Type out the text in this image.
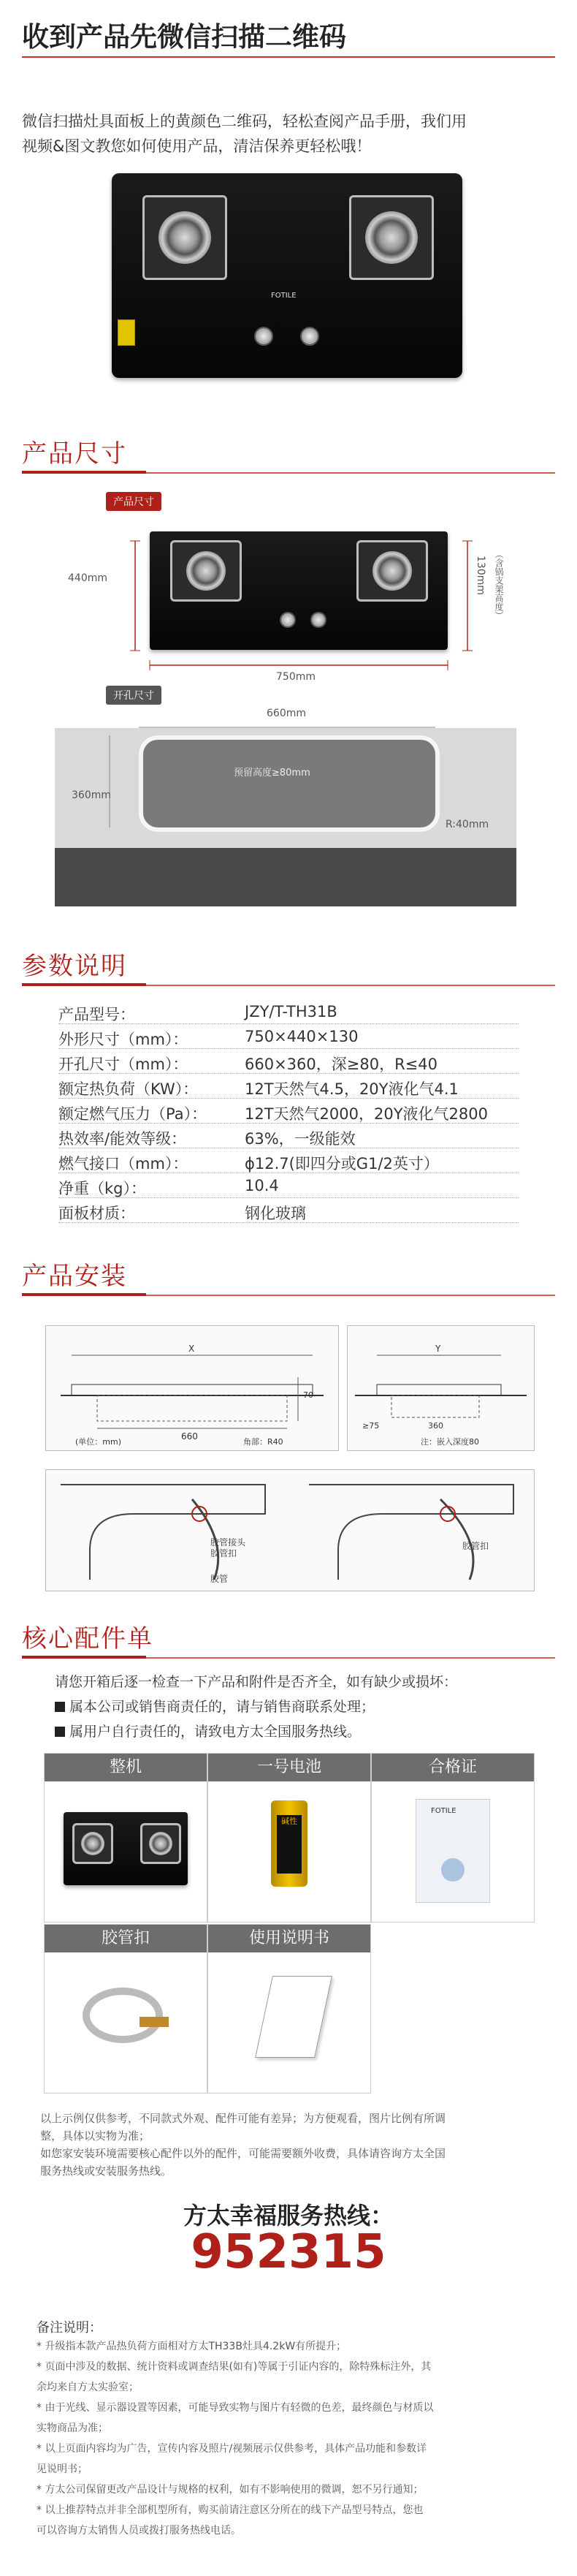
收到产品先微信扫描二维码
微信扫描灶具面板上的黄颜色二维码，轻松查阅产品手册，我们用
视频&图文教您如何使用产品，清洁保养更轻松哦！
FOTILE
产品尺寸
产品尺寸
440mm
750mm
130mm （含锅支架高度）
开孔尺寸
660mm
360mm
预留高度≥80mm
R:40mm
参数说明
产品型号：	JZY/T-TH31B
外形尺寸（mm）：	750×440×130
开孔尺寸（mm）：	660×360，深≥80，R≤40
额定热负荷（KW）：	12T天然气4.5，20Y液化气4.1
额定燃气压力（Pa）： 12T天然气2000，20Y液化气2800
热效率/能效等级：	63%，一级能效
燃气接口（mm）：	ϕ12.7(即四分或G1/2英寸）
净重（kg）：	10.4
面板材质：	钢化玻璃
产品安装
X
660
70
(单位：mm)	角部：R40
Y
≥75	360
注：嵌入深度80
胶管接头
胶管扣
胶管
胶管扣
核心配件单
请您开箱后逐一检查一下产品和附件是否齐全，如有缺少或损坏：
属本公司或销售商责任的，请与销售商联系处理；
属用户自行责任的，请致电方太全国服务热线。
整机	一号电池
碱性
合格证
FOTILE
胶管扣	使用说明书
以上示例仅供参考，不同款式外观、配件可能有差异；为方便观看，图片比例有所调
整，具体以实物为准；
如您家安装环境需要核心配件以外的配件，可能需要额外收费，具体请咨询方太全国
服务热线或安装服务热线。
方太幸福服务热线：
952315
备注说明：
* 升级指本款产品热负荷方面相对方太TH33B灶具4.2kW有所提升；
* 页面中涉及的数据、统计资料或调查结果(如有)等属于引证内容的，除特殊标注外，其
余均来自方太实验室；
* 由于光线、显示器设置等因素，可能导致实物与图片有轻微的色差，最终颜色与材质以
实物商品为准；
* 以上页面内容均为广告，宣传内容及照片/视频展示仅供参考，具体产品功能和参数详
见说明书；
* 方太公司保留更改产品设计与规格的权利，如有不影响使用的微调，恕不另行通知；
* 以上推荐特点并非全部机型所有，购买前请注意区分所在的线下产品型号特点，您也
可以咨询方太销售人员或拨打服务热线电话。
